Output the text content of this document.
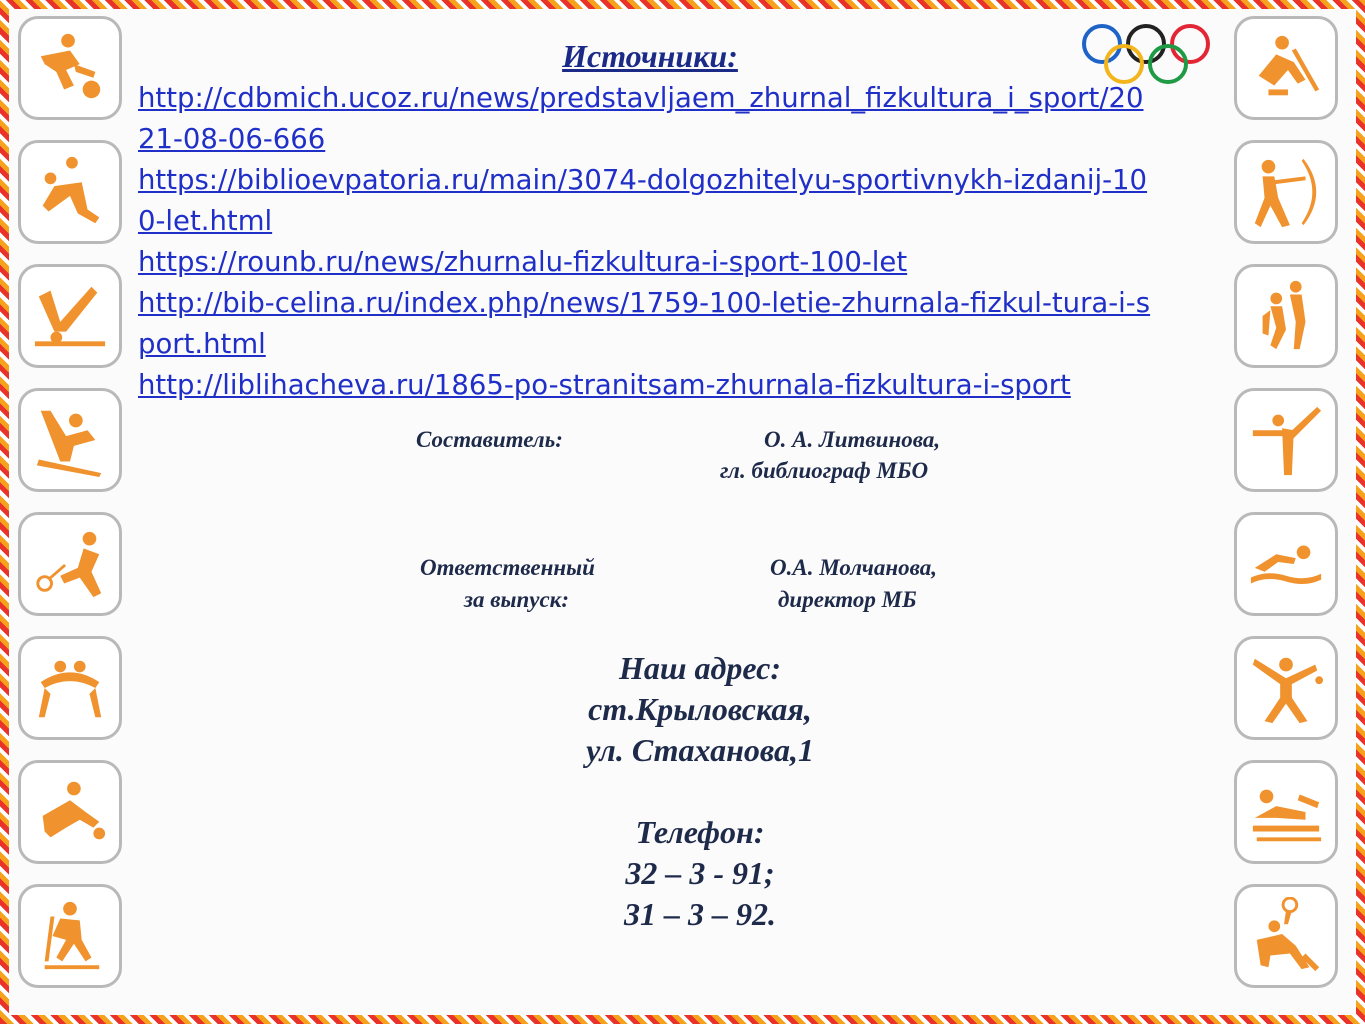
Источники:
http://cdbmich.ucoz.ru/news/predstavljaem_zhurnal_fizkultura_i_sport/2021-08-06-666
https://biblioevpatoria.ru/main/3074-dolgozhitelyu-sportivnykh-izdanij-100-let.html
https://rounb.ru/news/zhurnalu-fizkultura-i-sport-100-let
http://bib-celina.ru/index.php/news/1759-100-letie-zhurnala-fizkul-tura-i-sport.html
http://liblihacheva.ru/1865-po-stranitsam-zhurnala-fizkultura-i-sport
Составитель:	О. А. Литвинова,
гл. библиограф МБО
Ответственный
за выпуск:
О.А. Молчанова,
директор МБ
Наш адрес:
ст.Крыловская,
ул. Стаханова,1
Телефон:
32 – 3 - 91;
31 – 3 – 92.
